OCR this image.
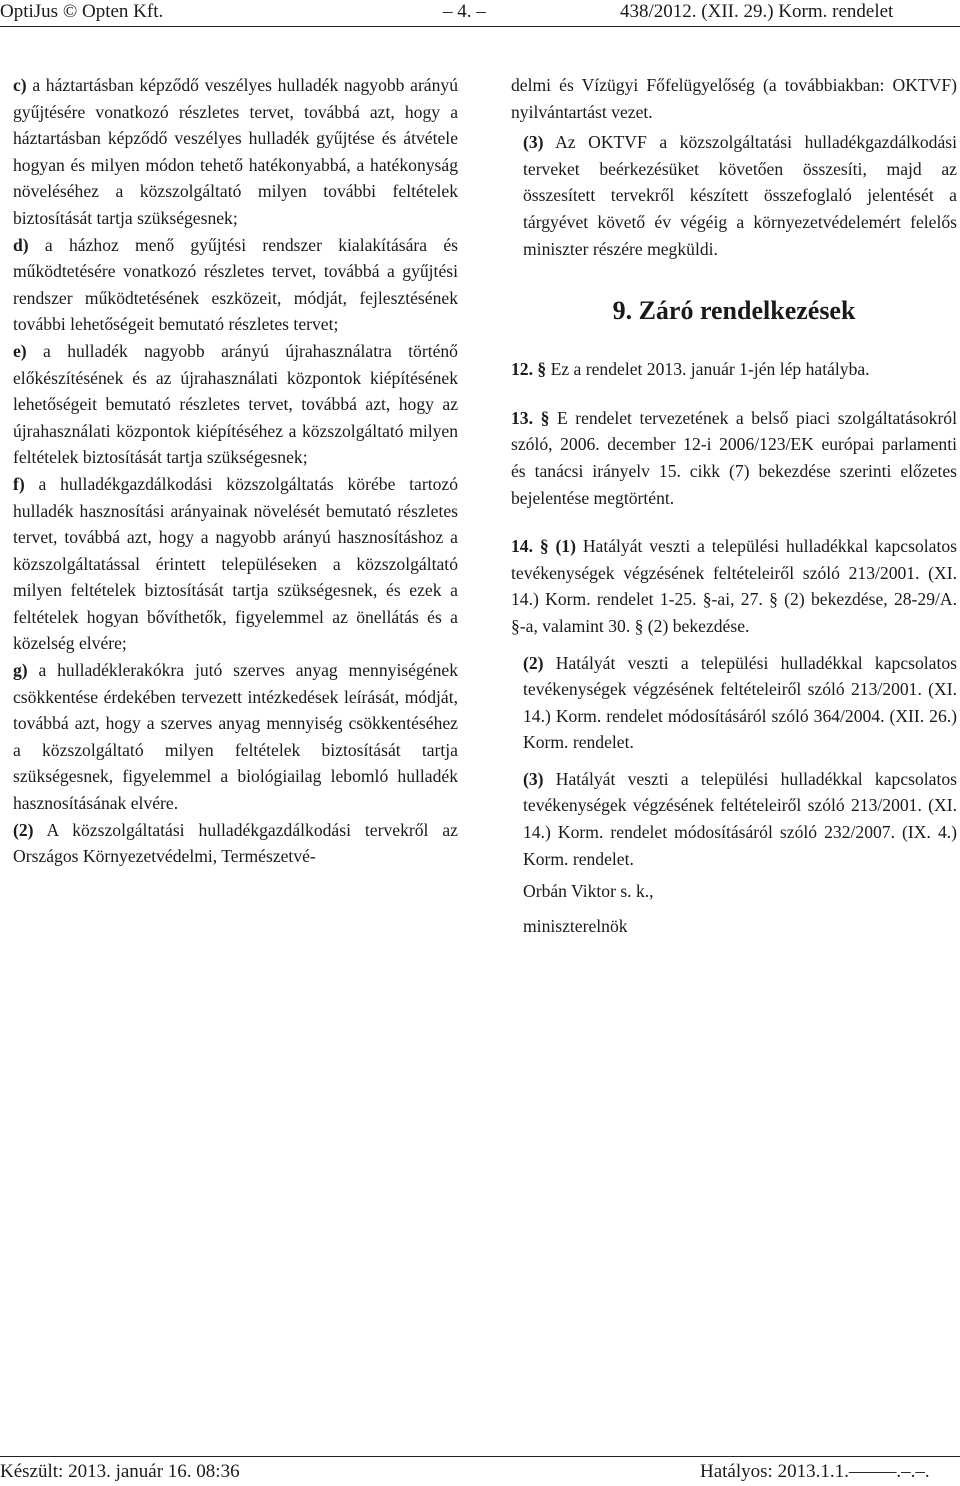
OptiJus © Opten Kft.	– 4. –	438/2012. (XII. 29.) Korm. rendelet

c) a háztartásban képződő veszélyes hulladék nagyobb arányú gyűjtésére vonatkozó részletes tervet, továbbá azt, hogy a háztartásban képződő veszélyes hulladék gyűjtése és átvétele hogyan és milyen módon tehető hatékonyabbá, a hatékonyság növeléséhez a közszolgáltató milyen további feltételek biztosítását tartja szükségesnek;

d) a házhoz menő gyűjtési rendszer kialakítására és működtetésére vonatkozó részletes tervet, továbbá a gyűjtési rendszer működtetésének eszközeit, módját, fejlesztésének további lehetőségeit bemutató részletes tervet;

e) a hulladék nagyobb arányú újrahasználatra történő előkészítésének és az újrahasználati központok kiépítésének lehetőségeit bemutató részletes tervet, továbbá azt, hogy az újrahasználati központok kiépítéséhez a közszolgáltató milyen feltételek biztosítását tartja szükségesnek;

f) a hulladékgazdálkodási közszolgáltatás körébe tartozó hulladék hasznosítási arányainak növelését bemutató részletes tervet, továbbá azt, hogy a nagyobb arányú hasznosításhoz a közszolgáltatással érintett településeken a közszolgáltató milyen feltételek biztosítását tartja szükségesnek, és ezek a feltételek hogyan bővíthetők, figyelemmel az önellátás és a közelség elvére;

g) a hulladéklerakókra jutó szerves anyag mennyiségének csökkentése érdekében tervezett intézkedések leírását, módját, továbbá azt, hogy a szerves anyag mennyiség csökkentéséhez a közszolgáltató milyen feltételek biztosítását tartja szükségesnek, figyelemmel a biológiailag lebomló hulladék hasznosításának elvére.

(2) A közszolgáltatási hulladékgazdálkodási tervekről az Országos Környezetvédelmi, Természetvé-

delmi és Vízügyi Főfelügyelőség (a továbbiakban: OKTVF) nyilvántartást vezet.

(3) Az OKTVF a közszolgáltatási hulladékgazdálkodási terveket beérkezésüket követően összesíti, majd az összesített tervekről készített összefoglaló jelentését a tárgyévet követő év végéig a környezetvédelemért felelős miniszter részére megküldi.

9. Záró rendelkezések

12. § Ez a rendelet 2013. január 1-jén lép hatályba.

13. § E rendelet tervezetének a belső piaci szolgáltatásokról szóló, 2006. december 12-i 2006/123/EK európai parlamenti és tanácsi irányelv 15. cikk (7) bekezdése szerinti előzetes bejelentése megtörtént.

14. § (1) Hatályát veszti a települési hulladékkal kapcsolatos tevékenységek végzésének feltételeiről szóló 213/2001. (XI. 14.) Korm. rendelet 1-25. §-ai, 27. § (2) bekezdése, 28-29/A. §-a, valamint 30. § (2) bekezdése.

(2) Hatályát veszti a települési hulladékkal kapcsolatos tevékenységek végzésének feltételeiről szóló 213/2001. (XI. 14.) Korm. rendelet módosításáról szóló 364/2004. (XII. 26.) Korm. rendelet.

(3) Hatályát veszti a települési hulladékkal kapcsolatos tevékenységek végzésének feltételeiről szóló 213/2001. (XI. 14.) Korm. rendelet módosításáról szóló 232/2007. (IX. 4.) Korm. rendelet.

Orbán Viktor s. k.,

miniszterelnök

Készült: 2013. január 16. 08:36	Hatályos: 2013.1.1.–––––.–.–.
